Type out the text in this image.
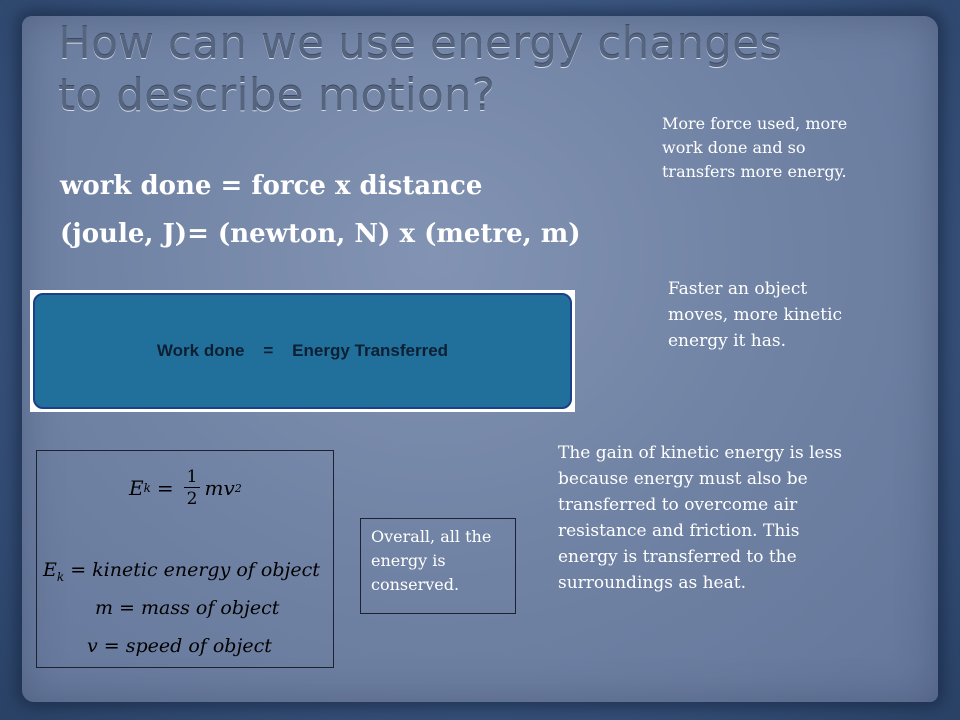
How can we use energy changes to describe motion?
work done = force x distance
(joule, J)= (newton, N) x (metre, m)
More force used, more work done and so transfers more energy.
Faster an object moves, more kinetic energy it has.
Work done    =    Energy Transferred
E $k = \frac{1}{2}$ mv 2
$E_k$ = kinetic energy of object
m = mass of object
v = speed of object
Overall, all the energy is conserved.
The gain of kinetic energy is less because energy must also be transferred to overcome air resistance and friction. This energy is transferred to the surroundings as heat.
